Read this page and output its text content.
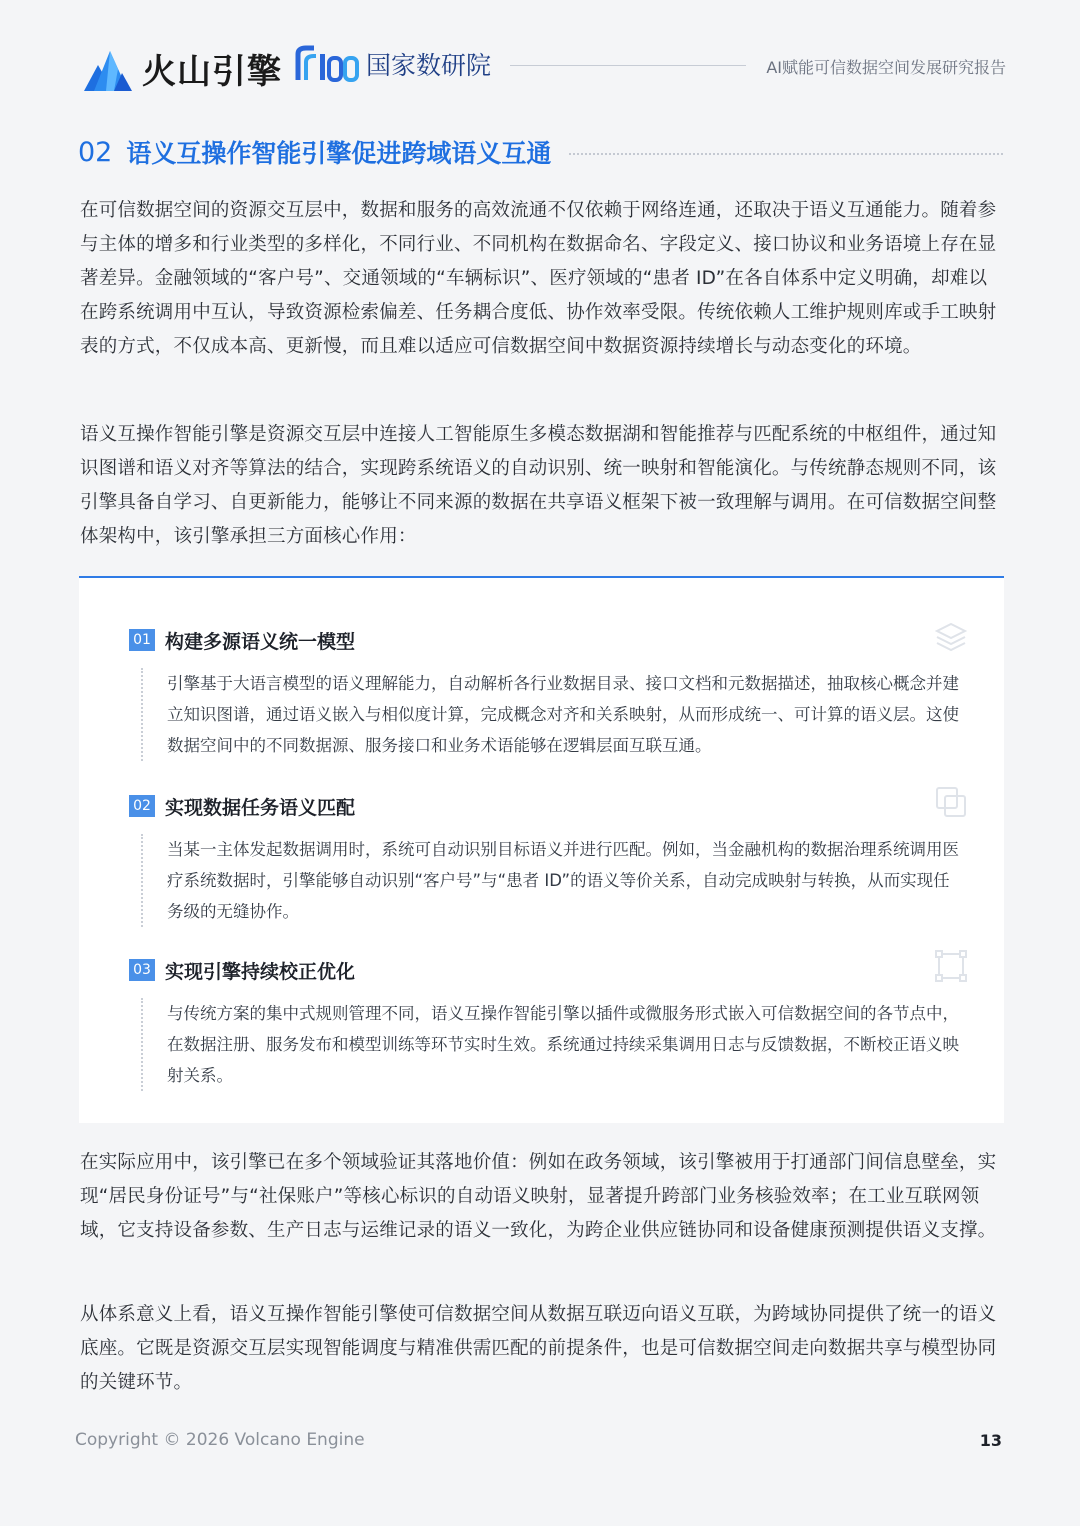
火山引擎	国家数研院	AI赋能可信数据空间发展研究报告
02 语义互操作智能引擎促进跨域语义互通

在可信数据空间的资源交互层中，数据和服务的高效流通不仅依赖于网络连通，还取决于语义互通能力。随着参与主体的增多和行业类型的多样化，不同行业、不同机构在数据命名、字段定义、接口协议和业务语境上存在显著差异。金融领域的“客户号”、交通领域的“车辆标识”、医疗领域的“患者 ID”在各自体系中定义明确，却难以在跨系统调用中互认，导致资源检索偏差、任务耦合度低、协作效率受限。传统依赖人工维护规则库或手工映射表的方式，不仅成本高、更新慢，而且难以适应可信数据空间中数据资源持续增长与动态变化的环境。

语义互操作智能引擎是资源交互层中连接人工智能原生多模态数据湖和智能推荐与匹配系统的中枢组件，通过知识图谱和语义对齐等算法的结合，实现跨系统语义的自动识别、统一映射和智能演化。与传统静态规则不同，该引擎具备自学习、自更新能力，能够让不同来源的数据在共享语义框架下被一致理解与调用。在可信数据空间整体架构中，该引擎承担三方面核心作用：

01 构建多源语义统一模型
引擎基于大语言模型的语义理解能力，自动解析各行业数据目录、接口文档和元数据描述，抽取核心概念并建立知识图谱，通过语义嵌入与相似度计算，完成概念对齐和关系映射，从而形成统一、可计算的语义层。这使数据空间中的不同数据源、服务接口和业务术语能够在逻辑层面互联互通。
02 实现数据任务语义匹配
当某一主体发起数据调用时，系统可自动识别目标语义并进行匹配。例如，当金融机构的数据治理系统调用医疗系统数据时，引擎能够自动识别“客户号”与“患者 ID”的语义等价关系，自动完成映射与转换，从而实现任务级的无缝协作。
03 实现引擎持续校正优化
与传统方案的集中式规则管理不同，语义互操作智能引擎以插件或微服务形式嵌入可信数据空间的各节点中，在数据注册、服务发布和模型训练等环节实时生效。系统通过持续采集调用日志与反馈数据，不断校正语义映射关系。

在实际应用中，该引擎已在多个领域验证其落地价值：例如在政务领域，该引擎被用于打通部门间信息壁垒，实现“居民身份证号”与“社保账户”等核心标识的自动语义映射，显著提升跨部门业务核验效率；在工业互联网领域，它支持设备参数、生产日志与运维记录的语义一致化，为跨企业供应链协同和设备健康预测提供语义支撑。

从体系意义上看，语义互操作智能引擎使可信数据空间从数据互联迈向语义互联，为跨域协同提供了统一的语义底座。它既是资源交互层实现智能调度与精准供需匹配的前提条件，也是可信数据空间走向数据共享与模型协同的关键环节。

Copyright © 2026 Volcano Engine	13
